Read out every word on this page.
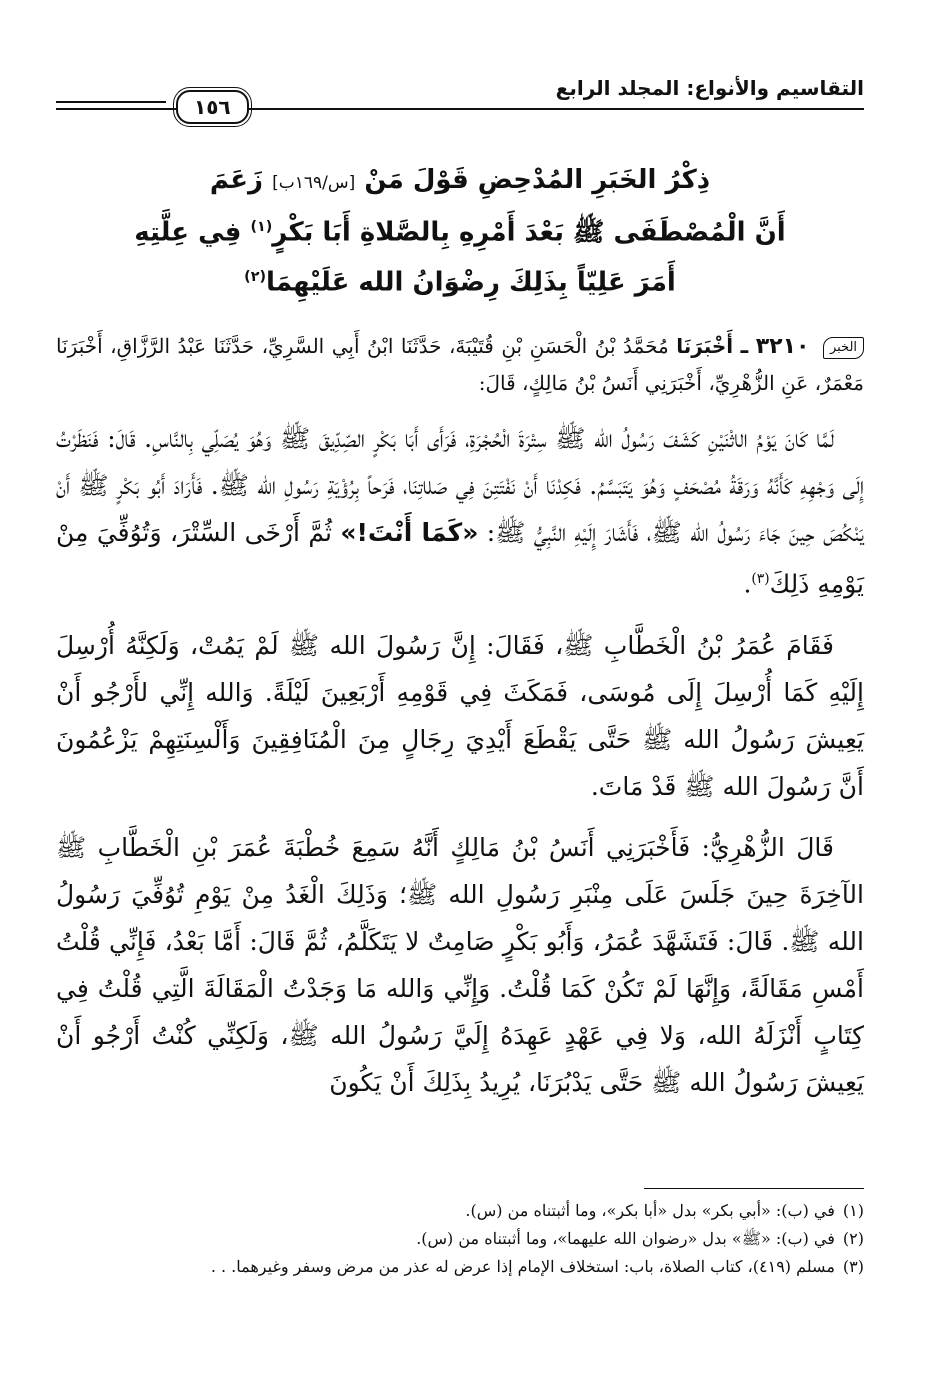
التقاسيم والأنواع: المجلد الرابع
١٥٦
ذِكْرُ الخَبَرِ المُدْحِضِ قَوْلَ مَنْ [س/١٦٩ب] زَعَمَ
أَنَّ الْمُصْطَفَى ﷺ بَعْدَ أَمْرِهِ بِالصَّلاةِ أَبَا بَكْرٍ$^{(١)}$ فِي عِلَّتِهِ
أَمَرَ عَلِيّاً بِذَلِكَ رِضْوَانُ الله عَلَيْهِمَا$^{(٢)}$
الخبر ٣٢١٠ ـ أَخْبَرَنَا مُحَمَّدُ بْنُ الْحَسَنِ بْنِ قُتَيْبَةَ، حَدَّثَنَا ابْنُ أَبِي السَّرِيِّ، حَدَّثَنَا عَبْدُ الرَّزَّاقِ، أَخْبَرَنَا مَعْمَرٌ، عَنِ الزُّهْرِيِّ، أَخْبَرَنِي أَنَسُ بْنُ مَالِكٍ، قَالَ:

لَمَّا كَانَ يَوْمُ الاثْنَيْنِ كَشَفَ رَسُولُ الله ﷺ سِتْرَةَ الْحُجْرَةِ، فَرَأَى أَبَا بَكْرٍ الصِّدِّيقَ ﷺ وَهُوَ يُصَلِّي بِالنَّاسِ. قَالَ: فَنَظَرْتُ إِلَى وَجْهِهِ كَأَنَّهُ وَرَقَةُ مُصْحَفٍ وَهُوَ يَتَبَسَّمُ. فَكِدْنَا أَنْ نَفْتَتِنَ فِي صَلاتِنَا، فَرَحاً بِرُؤْيَةِ رَسُولِ الله ﷺ. فَأَرَادَ أَبُو بَكْرٍ ﷺ أَنْ يَنْكُصَ حِينَ جَاءَ رَسُولُ الله ﷺ، فَأَشَارَ إِلَيْهِ النَّبِيُّ ﷺ: «كَمَا أَنْتَ!» ثُمَّ أَرْخَى السِّتْرَ، وَتُوُفِّيَ مِنْ يَوْمِهِ ذَلِكَ$^{(٣)}$.

فَقَامَ عُمَرُ بْنُ الْخَطَّابِ ﷺ، فَقَالَ: إِنَّ رَسُولَ الله ﷺ لَمْ يَمُتْ، وَلَكِنَّهُ أُرْسِلَ إِلَيْهِ كَمَا أُرْسِلَ إِلَى مُوسَى، فَمَكَثَ فِي قَوْمِهِ أَرْبَعِينَ لَيْلَةً. وَالله إِنِّي لأَرْجُو أَنْ يَعِيشَ رَسُولُ الله ﷺ حَتَّى يَقْطَعَ أَيْدِيَ رِجَالٍ مِنَ الْمُنَافِقِينَ وَأَلْسِنَتِهِمْ يَزْعُمُونَ أَنَّ رَسُولَ الله ﷺ قَدْ مَاتَ.

قَالَ الزُّهْرِيُّ: فَأَخْبَرَنِي أَنَسُ بْنُ مَالِكٍ أَنَّهُ سَمِعَ خُطْبَةَ عُمَرَ بْنِ الْخَطَّابِ ﷺ الآخِرَةَ حِينَ جَلَسَ عَلَى مِنْبَرِ رَسُولِ الله ﷺ؛ وَذَلِكَ الْغَدُ مِنْ يَوْمِ تُوُفِّيَ رَسُولُ الله ﷺ. قَالَ: فَتَشَهَّدَ عُمَرُ، وَأَبُو بَكْرٍ صَامِتٌ لا يَتَكَلَّمُ، ثُمَّ قَالَ: أَمَّا بَعْدُ، فَإِنِّي قُلْتُ أَمْسِ مَقَالَةً، وَإِنَّهَا لَمْ تَكُنْ كَمَا قُلْتُ. وَإِنِّي وَالله مَا وَجَدْتُ الْمَقَالَةَ الَّتِي قُلْتُ فِي كِتَابٍ أَنْزَلَهُ الله، وَلا فِي عَهْدٍ عَهِدَهُ إِلَيَّ رَسُولُ الله ﷺ، وَلَكِنِّي كُنْتُ أَرْجُو أَنْ يَعِيشَ رَسُولُ الله ﷺ حَتَّى يَدْبُرَنَا، يُرِيدُ بِذَلِكَ أَنْ يَكُونَ

(١)
في (ب): «أبي بكر» بدل «أبا بكر»، وما أثبتناه من (س).
(٢)
في (ب): «ﷺ» بدل «رضوان الله عليهما»، وما أثبتناه من (س).
(٣)
مسلم (٤١٩)، كتاب الصلاة، باب: استخلاف الإمام إذا عرض له عذر من مرض وسفر وغيرهما. . .
